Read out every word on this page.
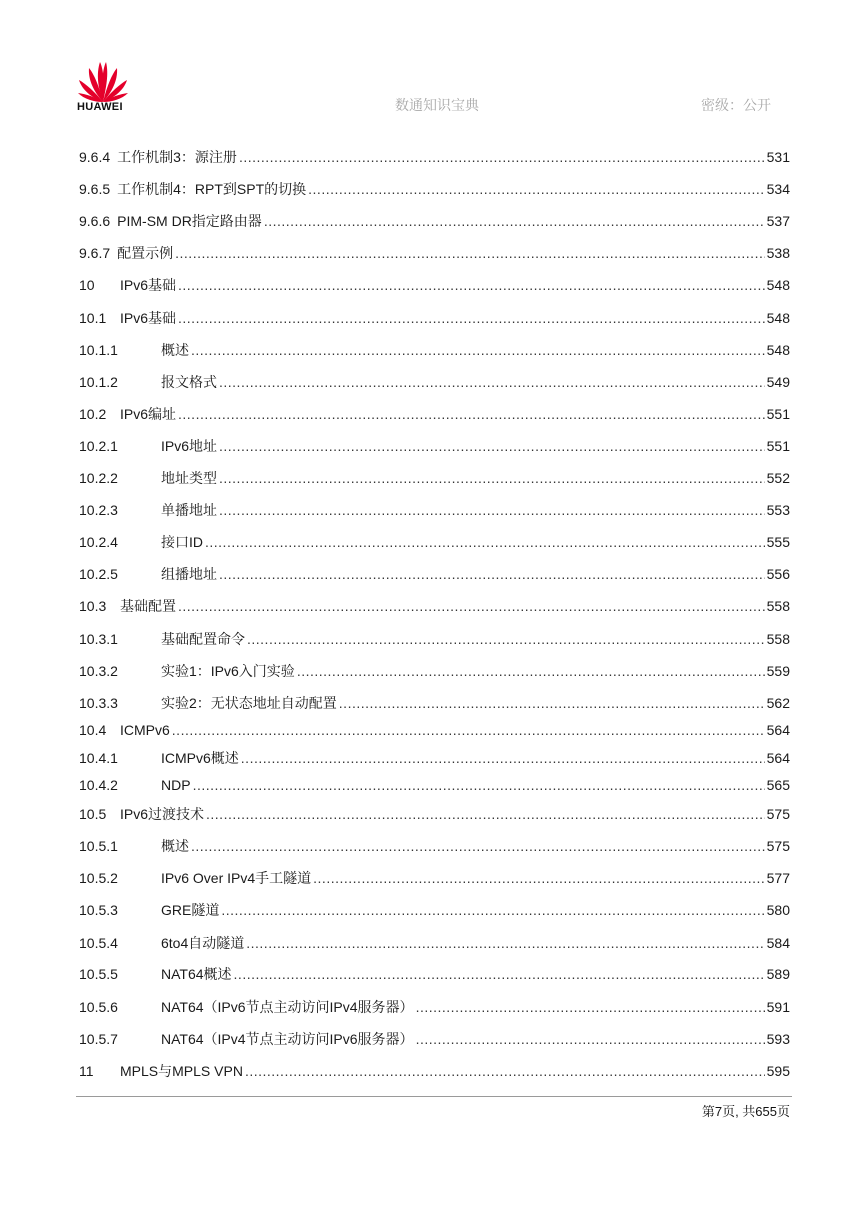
HUAWEI	数通知识宝典	密级：公开
9.6.4 工作机制3：源注册 .....	531
9.6.5 工作机制4：RPT到SPT的切换 .....	534
9.6.6 PIM-SM DR指定路由器 .....	537
9.6.7 配置示例 .....	538
10	IPv6基础 .....	548
10.1 IPv6基础 .....	548
10.1.1	概述 .....	548
10.1.2	报文格式 .....	549
10.2 IPv6编址 .....	551
10.2.1	IPv6地址 .....	551
10.2.2	地址类型 .....	552
10.2.3	单播地址 .....	553
10.2.4	接口ID .....	555
10.2.5	组播地址 .....	556
10.3 基础配置 .....	558
10.3.1	基础配置命令 .....	558
10.3.2	实验1：IPv6入门实验 .....	559
10.3.3	实验2：无状态地址自动配置 .....	562
10.4 ICMPv6 .....	564
10.4.1	ICMPv6概述 .....	564
10.4.2	NDP .....	565
10.5 IPv6过渡技术 .....	575
10.5.1	概述 .....	575
10.5.2	IPv6 Over IPv4手工隧道 .....	577
10.5.3	GRE隧道 .....	580
10.5.4	6to4自动隧道 .....	584
10.5.5	NAT64概述 .....	589
10.5.6	NAT64（IPv6节点主动访问IPv4服务器） .....	591
10.5.7	NAT64（IPv4节点主动访问IPv6服务器） .....	593
11	MPLS与MPLS VPN .....	595
第7页, 共655页
